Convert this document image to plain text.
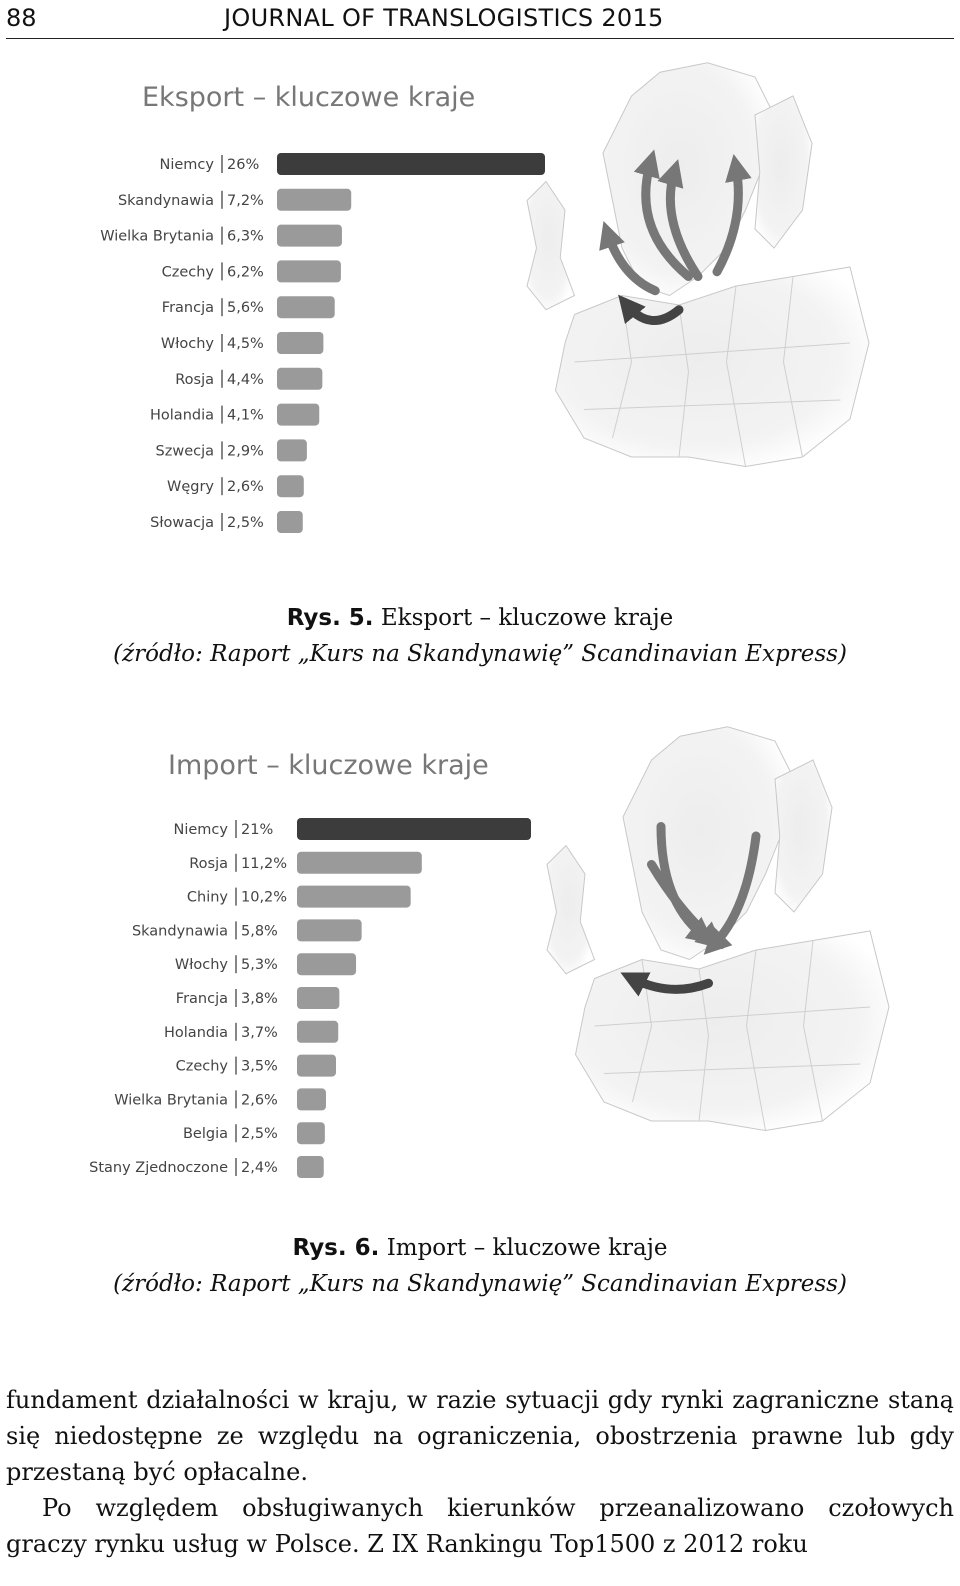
88	JOURNAL OF TRANSLOGISTICS 2015
Eksport – kluczowe kraje
Niemcy 26%
Skandynawia 7,2%
Wielka Brytania 6,3%
Czechy 6,2%
Francja 5,6%
Włochy 4,5%
Rosja 4,4%
Holandia 4,1%
Szwecja 2,9%
Węgry 2,6%
Słowacja 2,5%
Rys. 5. Eksport – kluczowe kraje
(źródło: Raport „Kurs na Skandynawię” Scandinavian Express)
Import – kluczowe kraje
Niemcy 21%
Rosja 11,2%
Chiny 10,2%
Skandynawia 5,8%
Włochy 5,3%
Francja 3,8%
Holandia 3,7%
Czechy 3,5%
Wielka Brytania 2,6%
Belgia 2,5%
Stany Zjednoczone 2,4%
Rys. 6. Import – kluczowe kraje
(źródło: Raport „Kurs na Skandynawię” Scandinavian Express)

fundament działalności w kraju, w razie sytuacji gdy rynki zagraniczne staną się niedostępne ze względu na ograniczenia, obostrzenia prawne lub gdy przestaną być opłacalne.

Po względem obsługiwanych kierunków przeanalizowano czołowych graczy rynku usług w Polsce. Z IX Rankingu Top1500 z 2012 roku
